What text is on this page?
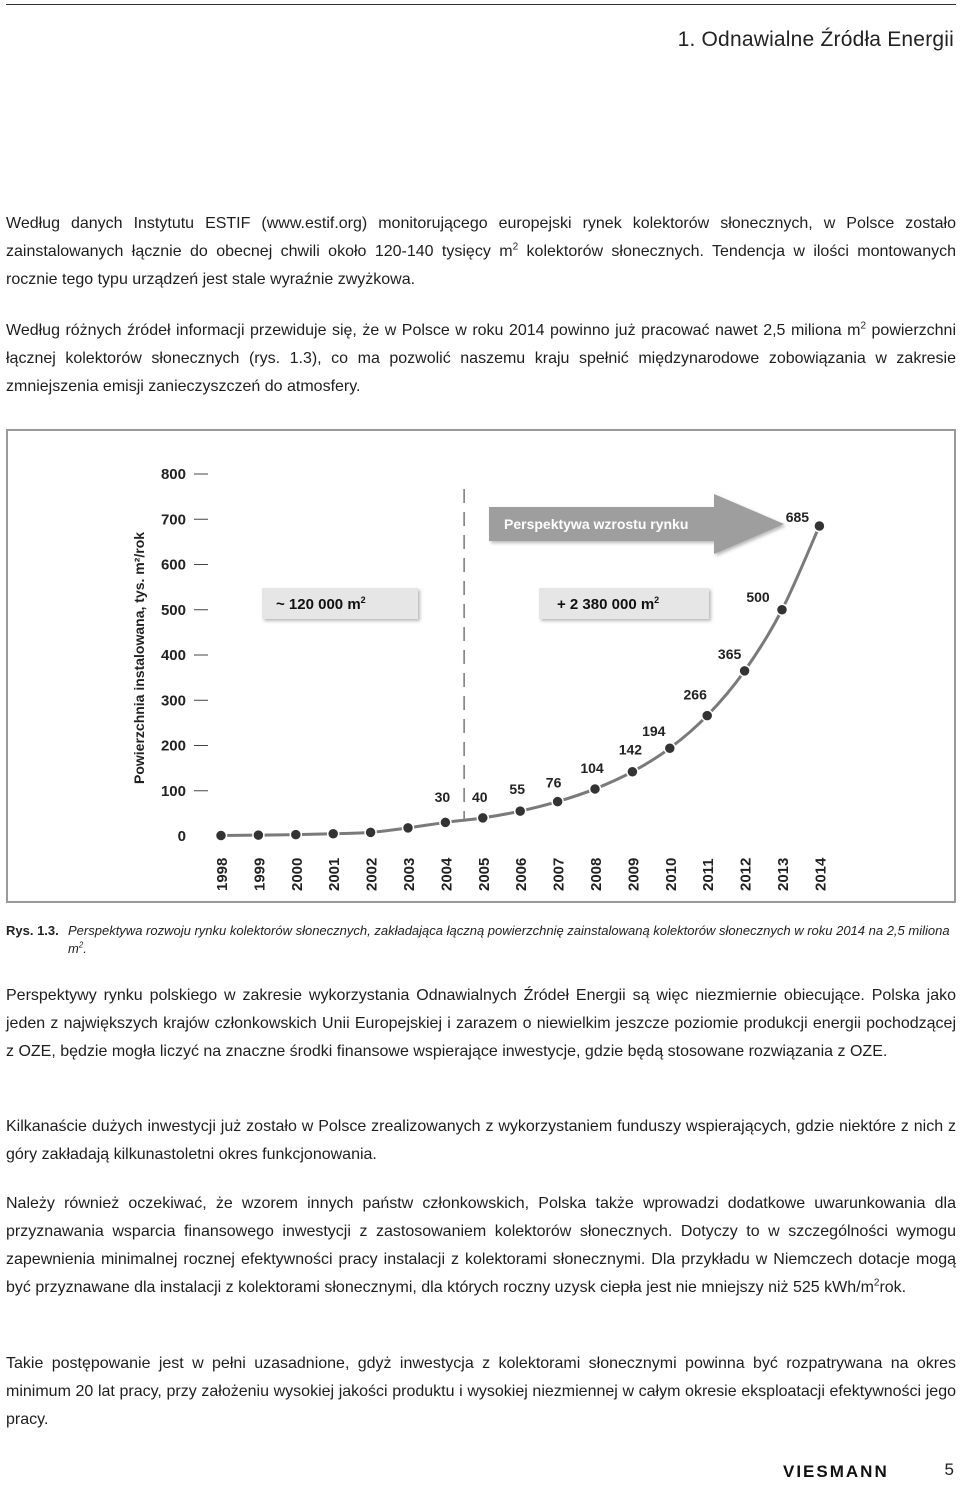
1. Odnawialne Źródła Energii
Według danych Instytutu ESTIF (www.estif.org) monitorującego europejski rynek kolektorów słonecznych, w Polsce zostało zainstalowanych łącznie do obecnej chwili około 120-140 tysięcy $m^2$ kolektorów słonecznych. Tendencja w ilości montowanych rocznie tego typu urządzeń jest stale wyraźnie zwyżkowa.
Według różnych źródeł informacji przewiduje się, że w Polsce w roku 2014 powinno już pracować nawet 2,5 miliona $m^2$ powierzchni łącznej kolektorów słonecznych (rys. 1.3), co ma pozwolić naszemu kraju spełnić międzynarodowe zobowiązania w zakresie zmniejszenia emisji zanieczyszczeń do atmosfery.
0
100
200
300
400
500
600
700
800
Powierzchnia instalowana, tys. m²/rok
Perspektywa wzrostu rynku
~ 120 000 $m^2$	+ 2 380 000 $m^2$
30 40 55 76
104
142
194
266
365
500
685
1998 1999 2000 2001 2002 2003 2004 2005 2006 2007 2008 2009 2010 2011 2012 2013 2014
Rys. 1.3. Perspektywa rozwoju rynku kolektorów słonecznych, zakładająca łączną powierzchnię zainstalowaną kolektorów słonecznych w roku 2014 na 2,5 miliona $m^2$.
Perspektywy rynku polskiego w zakresie wykorzystania Odnawialnych Źródeł Energii są więc niezmiernie obiecujące. Polska jako jeden z największych krajów członkowskich Unii Europejskiej i zarazem o niewielkim jeszcze poziomie produkcji energii pochodzącej z OZE, będzie mogła liczyć na znaczne środki finansowe wspierające inwestycje, gdzie będą stosowane rozwiązania z OZE.
Kilkanaście dużych inwestycji już zostało w Polsce zrealizowanych z wykorzystaniem funduszy wspierających, gdzie niektóre z nich z góry zakładają kilkunastoletni okres funkcjonowania.
Należy również oczekiwać, że wzorem innych państw członkowskich, Polska także wprowadzi dodatkowe uwarunkowania dla przyznawania wsparcia finansowego inwestycji z zastosowaniem kolektorów słonecznych. Dotyczy to w szczególności wymogu zapewnienia minimalnej rocznej efektywności pracy instalacji z kolektorami słonecznymi. Dla przykładu w Niemczech dotacje mogą być przyznawane dla instalacji z kolektorami słonecznymi, dla których roczny uzysk ciepła jest nie mniejszy niż 525 kWh/$m^2rok$.
Takie postępowanie jest w pełni uzasadnione, gdyż inwestycja z kolektorami słonecznymi powinna być rozpatrywana na okres minimum 20 lat pracy, przy założeniu wysokiej jakości produktu i wysokiej niezmiennej w całym okresie eksploatacji efektywności jego pracy.
VIESMANN	5
